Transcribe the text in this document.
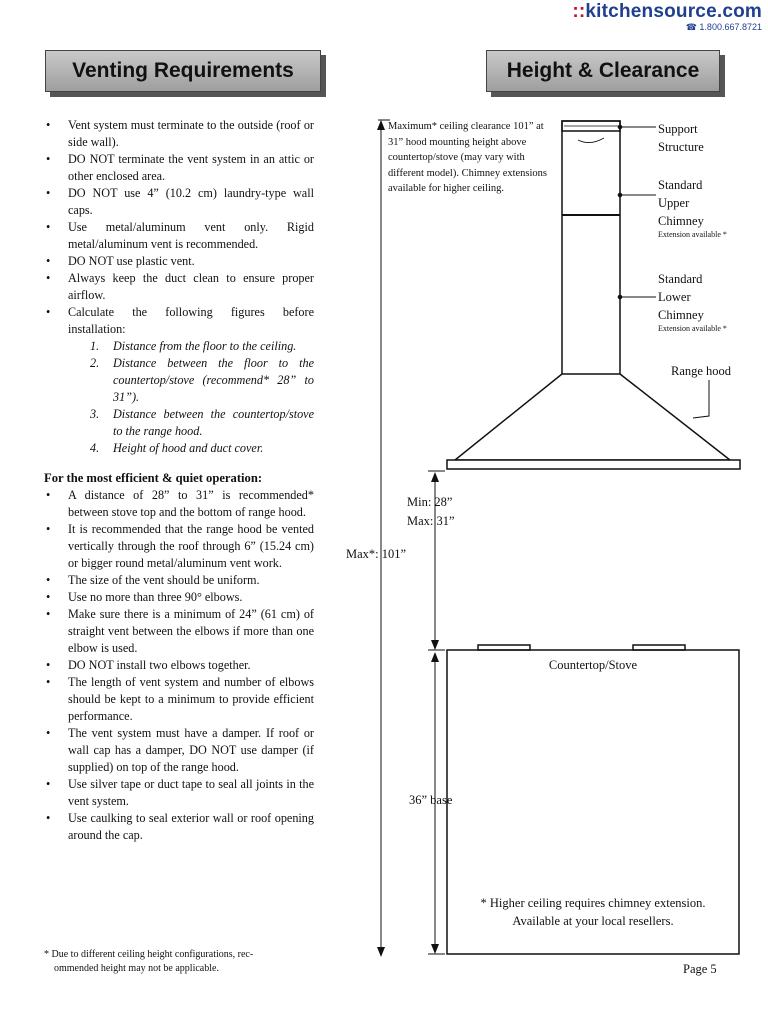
::kitchensource.com
☎ 1.800.667.8721
Venting Requirements	Height & Clearance
• Vent system must terminate to the outside (roof or side wall).
• DO NOT terminate the vent system in an attic or other enclosed area.
• DO NOT use 4” (10.2 cm) laundry-type wall caps.
• Use metal/aluminum vent only. Rigid metal/aluminum vent is recommended.
• DO NOT use plastic vent.
• Always keep the duct clean to ensure proper airflow.
• Calculate the following figures before installation:
1. Distance from the floor to the ceiling.
2. Distance between the floor to the countertop/stove (recommend* 28” to 31”).
3. Distance between the countertop/stove to the range hood.
4. Height of hood and duct cover.
For the most efficient & quiet operation:
• A distance of 28” to 31” is recommended* between stove top and the bottom of range hood.
• It is recommended that the range hood be vented vertically through the roof through 6” (15.24 cm) or bigger round metal/aluminum vent work.
• The size of the vent should be uniform.
• Use no more than three 90° elbows.
• Make sure there is a minimum of 24” (61 cm) of straight vent between the elbows if more than one elbow is used.
• DO NOT install two elbows together.
• The length of vent system and number of elbows should be kept to a minimum to provide efficient performance.
• The vent system must have a damper. If roof or wall cap has a damper, DO NOT use damper (if supplied) on top of the range hood.
• Use silver tape or duct tape to seal all joints in the vent system.
• Use caulking to seal exterior wall or roof opening around the cap.
* Due to different ceiling height configurations, rec-
ommended height may not be applicable.
Maximum* ceiling clearance 101” at 31” hood mounting height above countertop/stove (may vary with different model). Chimney extensions available for higher ceiling.
Support
Structure
Standard
Upper
Chimney
Extension available *
Standard
Lower
Chimney
Extension available *
Range hood
Min: 28”
Max: 31”
Max*: 101”
Countertop/Stove
36” base
* Higher ceiling requires chimney extension.
Available at your local resellers.
Page 5
